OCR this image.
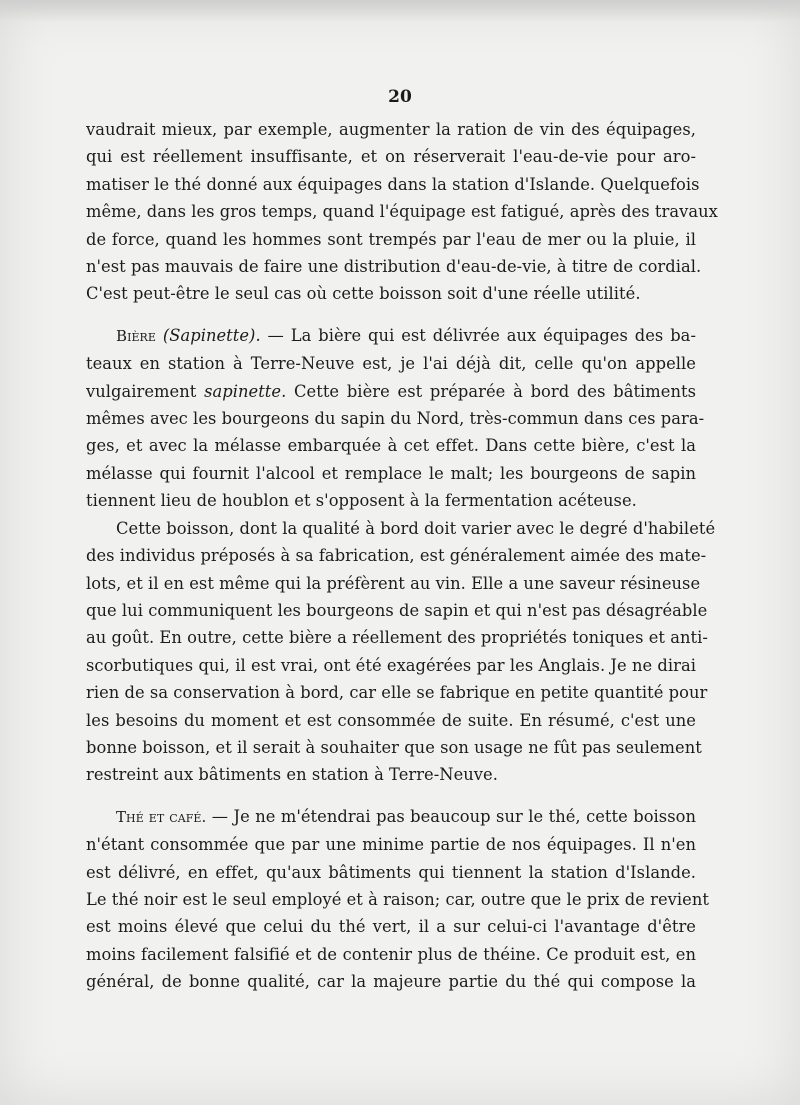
20
vaudrait mieux, par exemple, augmenter la ration de vin des équipages,
qui est réellement insuffisante, et on réserverait l'eau-de-vie pour aro-
matiser le thé donné aux équipages dans la station d'Islande. Quelquefois
même, dans les gros temps, quand l'équipage est fatigué, après des travaux
de force, quand les hommes sont trempés par l'eau de mer ou la pluie, il
n'est pas mauvais de faire une distribution d'eau-de-vie, à titre de cordial.
C'est peut-être le seul cas où cette boisson soit d'une réelle utilité.
Bière (Sapinette). — La bière qui est délivrée aux équipages des ba-
teaux en station à Terre-Neuve est, je l'ai déjà dit, celle qu'on appelle
vulgairement sapinette. Cette bière est préparée à bord des bâtiments
mêmes avec les bourgeons du sapin du Nord, très-commun dans ces para-
ges, et avec la mélasse embarquée à cet effet. Dans cette bière, c'est la
mélasse qui fournit l'alcool et remplace le malt; les bourgeons de sapin
tiennent lieu de houblon et s'opposent à la fermentation acéteuse.
Cette boisson, dont la qualité à bord doit varier avec le degré d'habileté
des individus préposés à sa fabrication, est généralement aimée des mate-
lots, et il en est même qui la préfèrent au vin. Elle a une saveur résineuse
que lui communiquent les bourgeons de sapin et qui n'est pas désagréable
au goût. En outre, cette bière a réellement des propriétés toniques et anti-
scorbutiques qui, il est vrai, ont été exagérées par les Anglais. Je ne dirai
rien de sa conservation à bord, car elle se fabrique en petite quantité pour
les besoins du moment et est consommée de suite. En résumé, c'est une
bonne boisson, et il serait à souhaiter que son usage ne fût pas seulement
restreint aux bâtiments en station à Terre-Neuve.
Thé et café. — Je ne m'étendrai pas beaucoup sur le thé, cette boisson
n'étant consommée que par une minime partie de nos équipages. Il n'en
est délivré, en effet, qu'aux bâtiments qui tiennent la station d'Islande.
Le thé noir est le seul employé et à raison; car, outre que le prix de revient
est moins élevé que celui du thé vert, il a sur celui-ci l'avantage d'être
moins facilement falsifié et de contenir plus de théine. Ce produit est, en
général, de bonne qualité, car la majeure partie du thé qui compose la
